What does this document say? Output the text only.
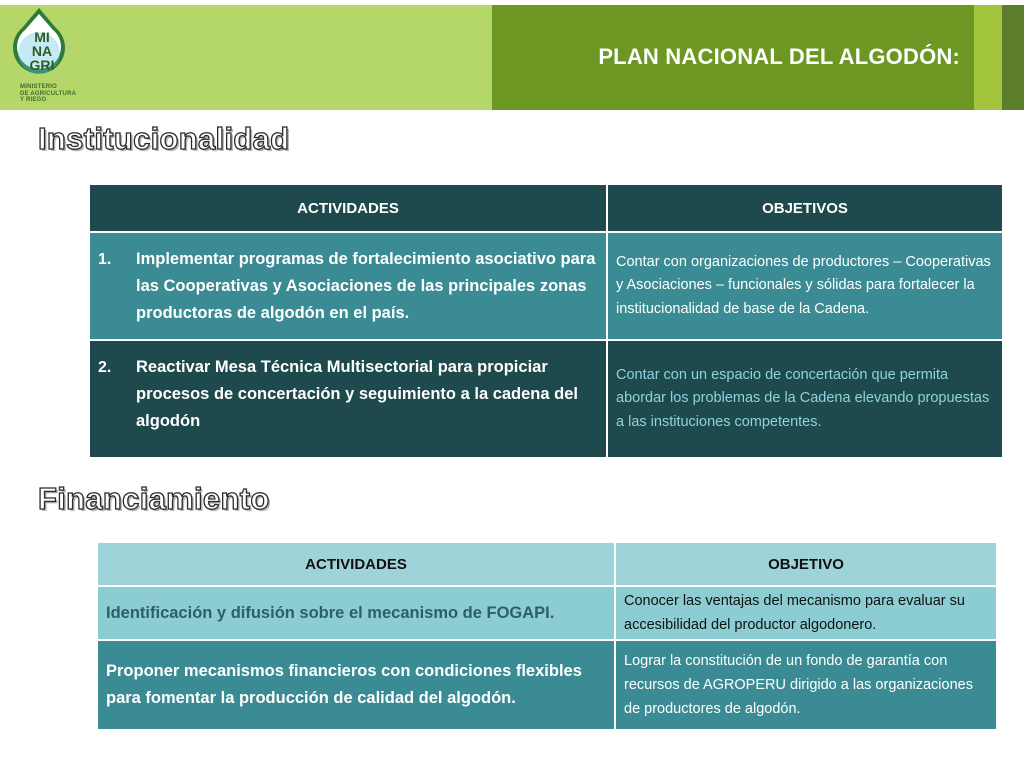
PLAN NACIONAL DEL ALGODÓN:
MI
NA
GRI
MINISTERIO
DE AGRICULTURA
Y RIEGO
Institucionalidad
ACTIVIDADES	OBJETIVOS

1. Implementar programas de fortalecimiento asociativo para las Cooperativas y Asociaciones de las principales zonas productoras de algodón en el país.	Contar con organizaciones de productores – Cooperativas y Asociaciones – funcionales y sólidas para fortalecer la institucionalidad de base de la Cadena.

2. Reactivar Mesa Técnica Multisectorial para propiciar procesos de concertación y seguimiento a la cadena del algodón	Contar con un espacio de concertación que permita abordar los problemas de la Cadena elevando propuestas a las instituciones competentes.
Financiamiento
ACTIVIDADES	OBJETIVO

Identificación y difusión sobre el mecanismo de FOGAPI.	Conocer las ventajas del mecanismo para evaluar su accesibilidad del productor algodonero.

Proponer mecanismos financieros con condiciones flexibles para fomentar la producción de calidad del algodón.	Lograr la constitución de un fondo de garantía con recursos de AGROPERU dirigido a las organizaciones de productores de algodón.
